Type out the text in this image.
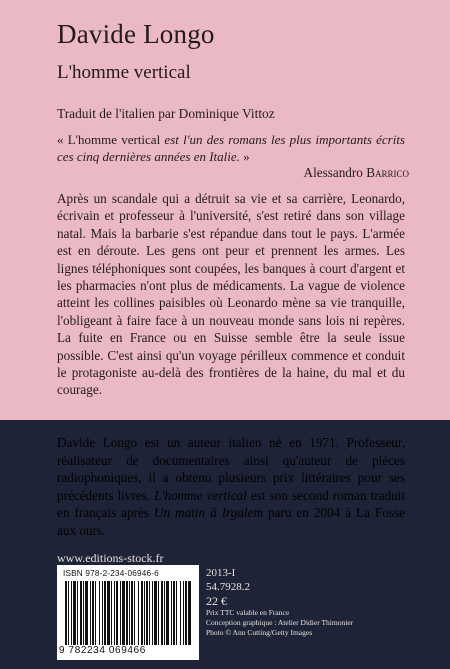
Davide Longo
L'homme vertical
Traduit de l'italien par Dominique Vittoz
« L'homme vertical est l'un des romans les plus importants écrits ces cinq dernières années en Italie. »
Alessandro Barrico
Après un scandale qui a détruit sa vie et sa carrière, Leonardo, écrivain et professeur à l'université, s'est retiré dans son village natal. Mais la barbarie s'est répandue dans tout le pays. L'armée est en déroute. Les gens ont peur et prennent les armes. Les lignes téléphoniques sont coupées, les banques à court d'argent et les pharmacies n'ont plus de médicaments. La vague de violence atteint les collines paisibles où Leonardo mène sa vie tranquille, l'obligeant à faire face à un nouveau monde sans lois ni repères. La fuite en France ou en Suisse semble être la seule issue possible. C'est ainsi qu'un voyage périlleux commence et conduit le protagoniste au-delà des frontières de la haine, du mal et du courage.
Davide Longo est un auteur italien né en 1971. Professeur, réalisateur de documentaires ainsi qu'auteur de pièces radiophoniques, il a obtenu plusieurs prix littéraires pour ses précédents livres. L'homme vertical est son second roman traduit en français après Un matin à Irgalem paru en 2004 à La Fosse aux ours.
www.editions-stock.fr
ISBN 978-2-234-06946-6
9 782234 069466
2013-I
54.7928.2
22 €
Prix TTC valable en France
Conception graphique : Atelier Didier Thimonier
Photo © Ann Cutting/Getty Images
